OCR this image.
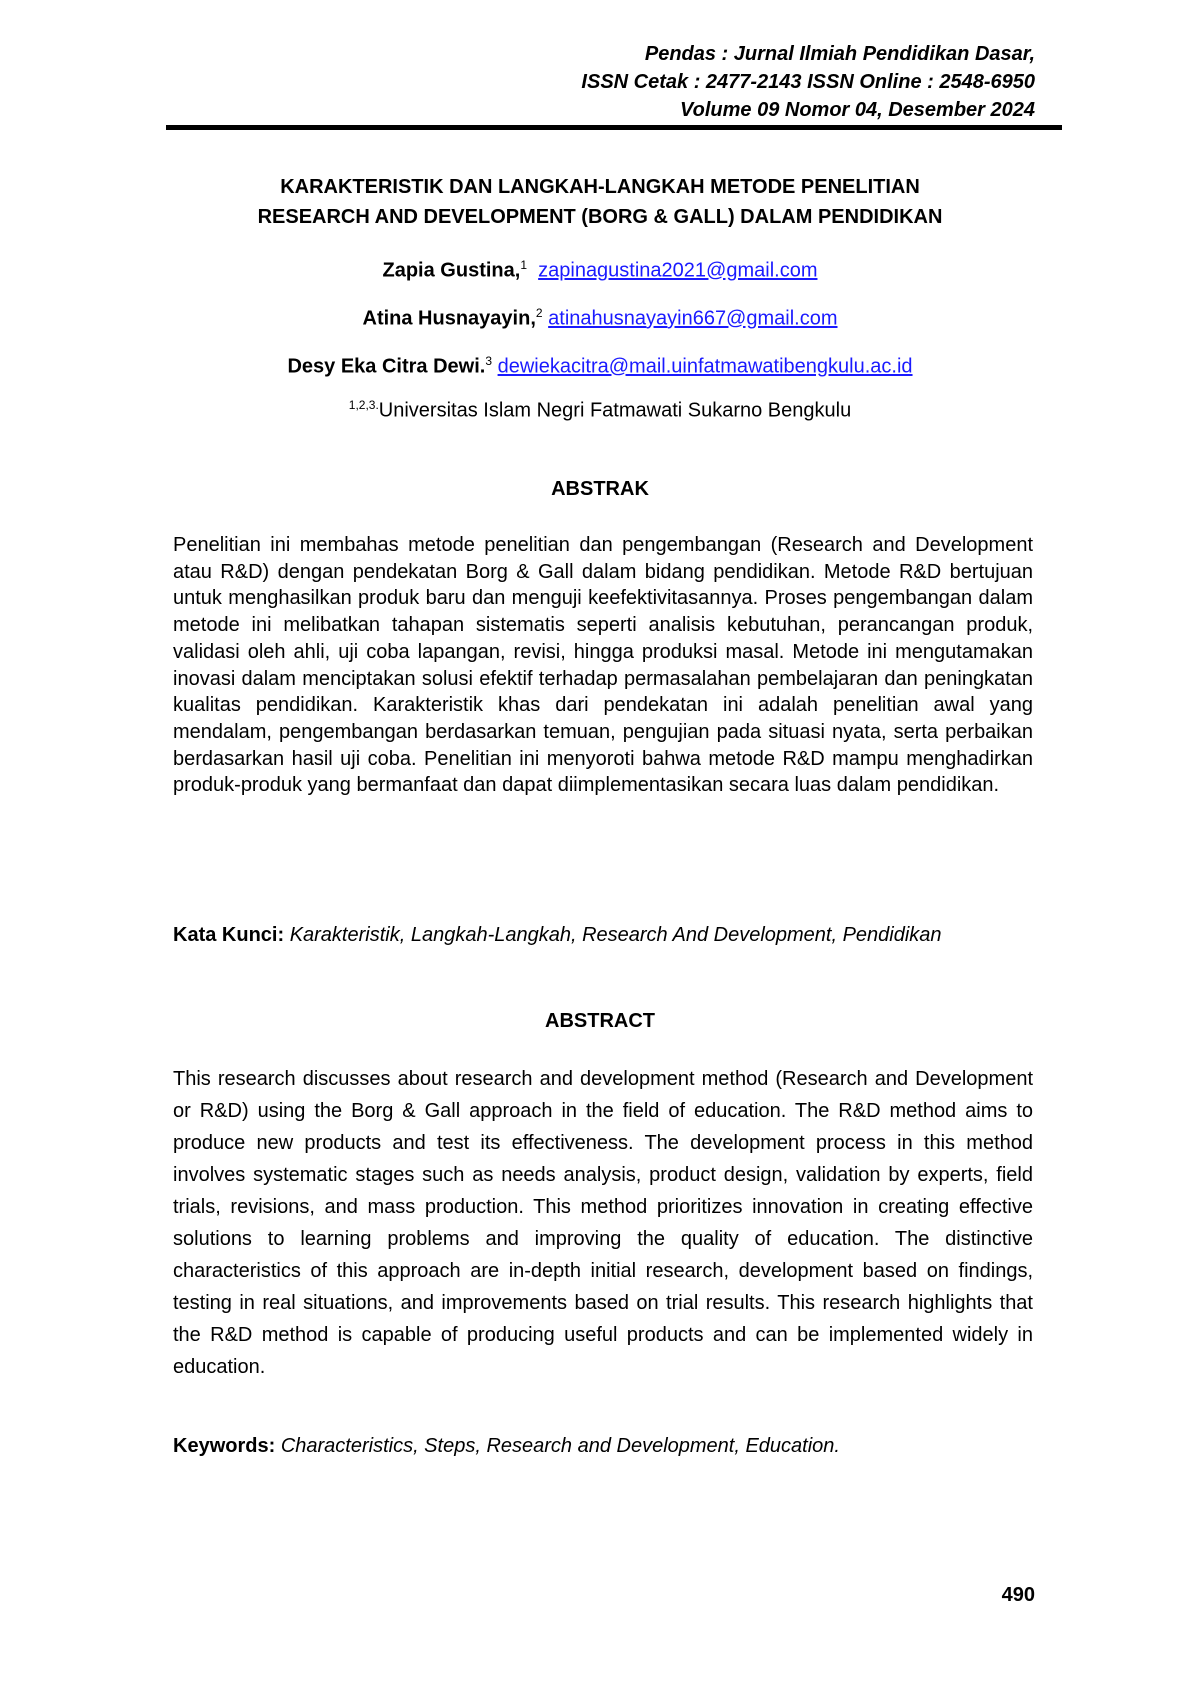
Pendas : Jurnal Ilmiah Pendidikan Dasar,
ISSN Cetak : 2477-2143 ISSN Online : 2548-6950
Volume 09 Nomor 04, Desember 2024
KARAKTERISTIK DAN LANGKAH-LANGKAH METODE PENELITIAN
RESEARCH AND DEVELOPMENT (BORG & GALL) DALAM PENDIDIKAN
Zapia Gustina,$^1$ zapinagustina2021@gmail.com
Atina Husnayayin,$^2$ atinahusnayayin667@gmail.com
Desy Eka Citra Dewi.$^3$ dewiekacitra@mail.uinfatmawatibengkulu.ac.id
$^{1,2,3.}$Universitas Islam Negri Fatmawati Sukarno Bengkulu
ABSTRAK
Penelitian ini membahas metode penelitian dan pengembangan (Research and Development atau R&D) dengan pendekatan Borg & Gall dalam bidang pendidikan. Metode R&D bertujuan untuk menghasilkan produk baru dan menguji keefektivitasannya. Proses pengembangan dalam metode ini melibatkan tahapan sistematis seperti analisis kebutuhan, perancangan produk, validasi oleh ahli, uji coba lapangan, revisi, hingga produksi masal. Metode ini mengutamakan inovasi dalam menciptakan solusi efektif terhadap permasalahan pembelajaran dan peningkatan kualitas pendidikan. Karakteristik khas dari pendekatan ini adalah penelitian awal yang mendalam, pengembangan berdasarkan temuan, pengujian pada situasi nyata, serta perbaikan berdasarkan hasil uji coba. Penelitian ini menyoroti bahwa metode R&D mampu menghadirkan produk-produk yang bermanfaat dan dapat diimplementasikan secara luas dalam pendidikan.
Kata Kunci: Karakteristik, Langkah-Langkah, Research And Development, Pendidikan
ABSTRACT
This research discusses about research and development method (Research and Development or R&D) using the Borg & Gall approach in the field of education. The R&D method aims to produce new products and test its effectiveness. The development process in this method involves systematic stages such as needs analysis, product design, validation by experts, field trials, revisions, and mass production. This method prioritizes innovation in creating effective solutions to learning problems and improving the quality of education. The distinctive characteristics of this approach are in-depth initial research, development based on findings, testing in real situations, and improvements based on trial results. This research highlights that the R&D method is capable of producing useful products and can be implemented widely in education.
Keywords: Characteristics, Steps, Research and Development, Education.
490
